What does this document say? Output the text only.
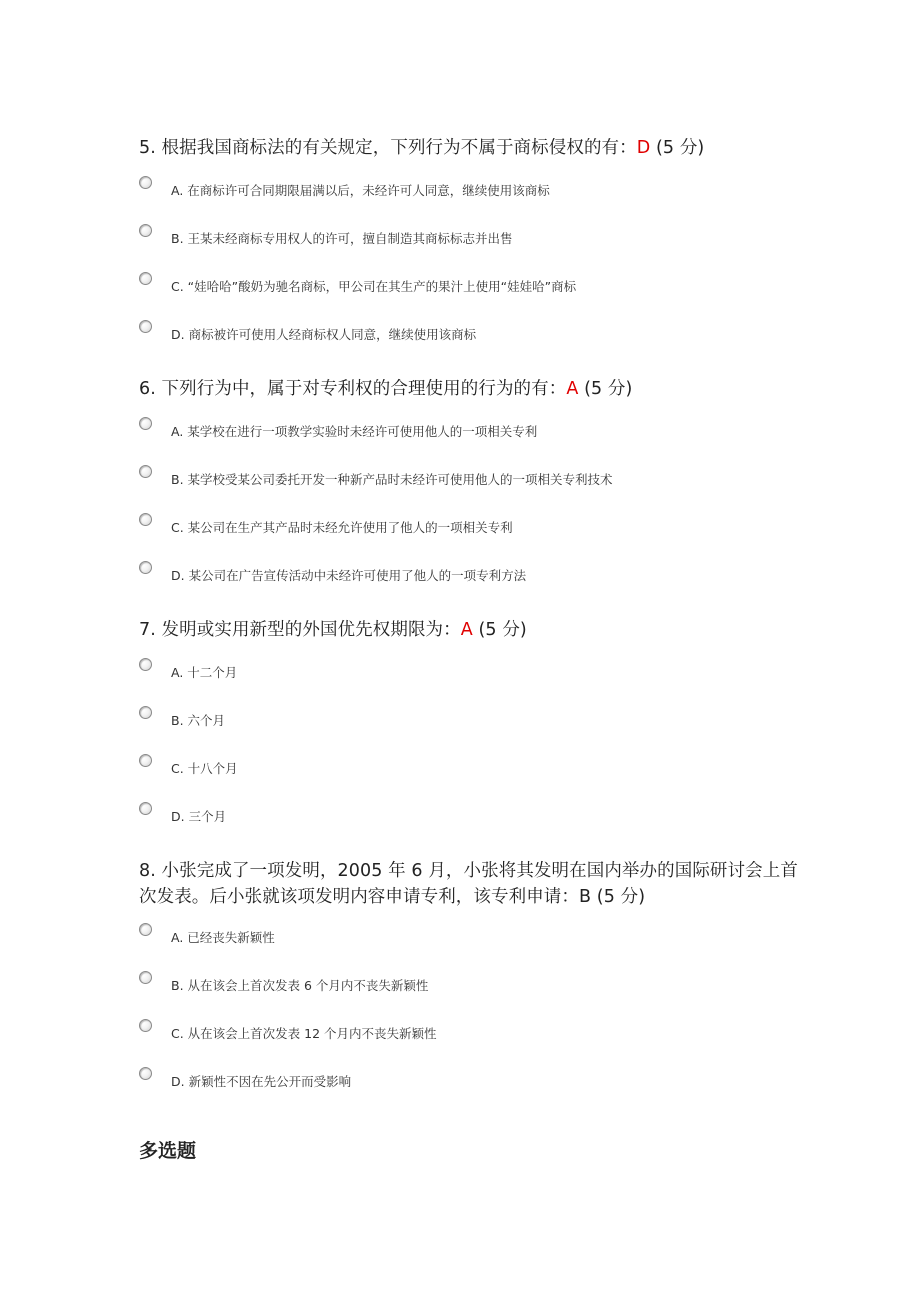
5. 根据我国商标法的有关规定，下列行为不属于商标侵权的有：D (5 分)

A. 在商标许可合同期限届满以后，未经许可人同意，继续使用该商标
B. 王某未经商标专用权人的许可，擅自制造其商标标志并出售
C. “娃哈哈”酸奶为驰名商标，甲公司在其生产的果汁上使用“娃娃哈”商标
D. 商标被许可使用人经商标权人同意，继续使用该商标

6. 下列行为中，属于对专利权的合理使用的行为的有：A (5 分)

A. 某学校在进行一项教学实验时未经许可使用他人的一项相关专利
B. 某学校受某公司委托开发一种新产品时未经许可使用他人的一项相关专利技术
C. 某公司在生产其产品时未经允许使用了他人的一项相关专利
D. 某公司在广告宣传活动中未经许可使用了他人的一项专利方法

7. 发明或实用新型的外国优先权期限为：A (5 分)

A. 十二个月
B. 六个月
C. 十八个月
D. 三个月

8. 小张完成了一项发明，2005 年 6 月，小张将其发明在国内举办的国际研讨会上首次发表。后小张就该项发明内容申请专利，该专利申请：B (5 分)

A. 已经丧失新颖性
B. 从在该会上首次发表 6 个月内不丧失新颖性
C. 从在该会上首次发表 12 个月内不丧失新颖性
D. 新颖性不因在先公开而受影响
多选题
